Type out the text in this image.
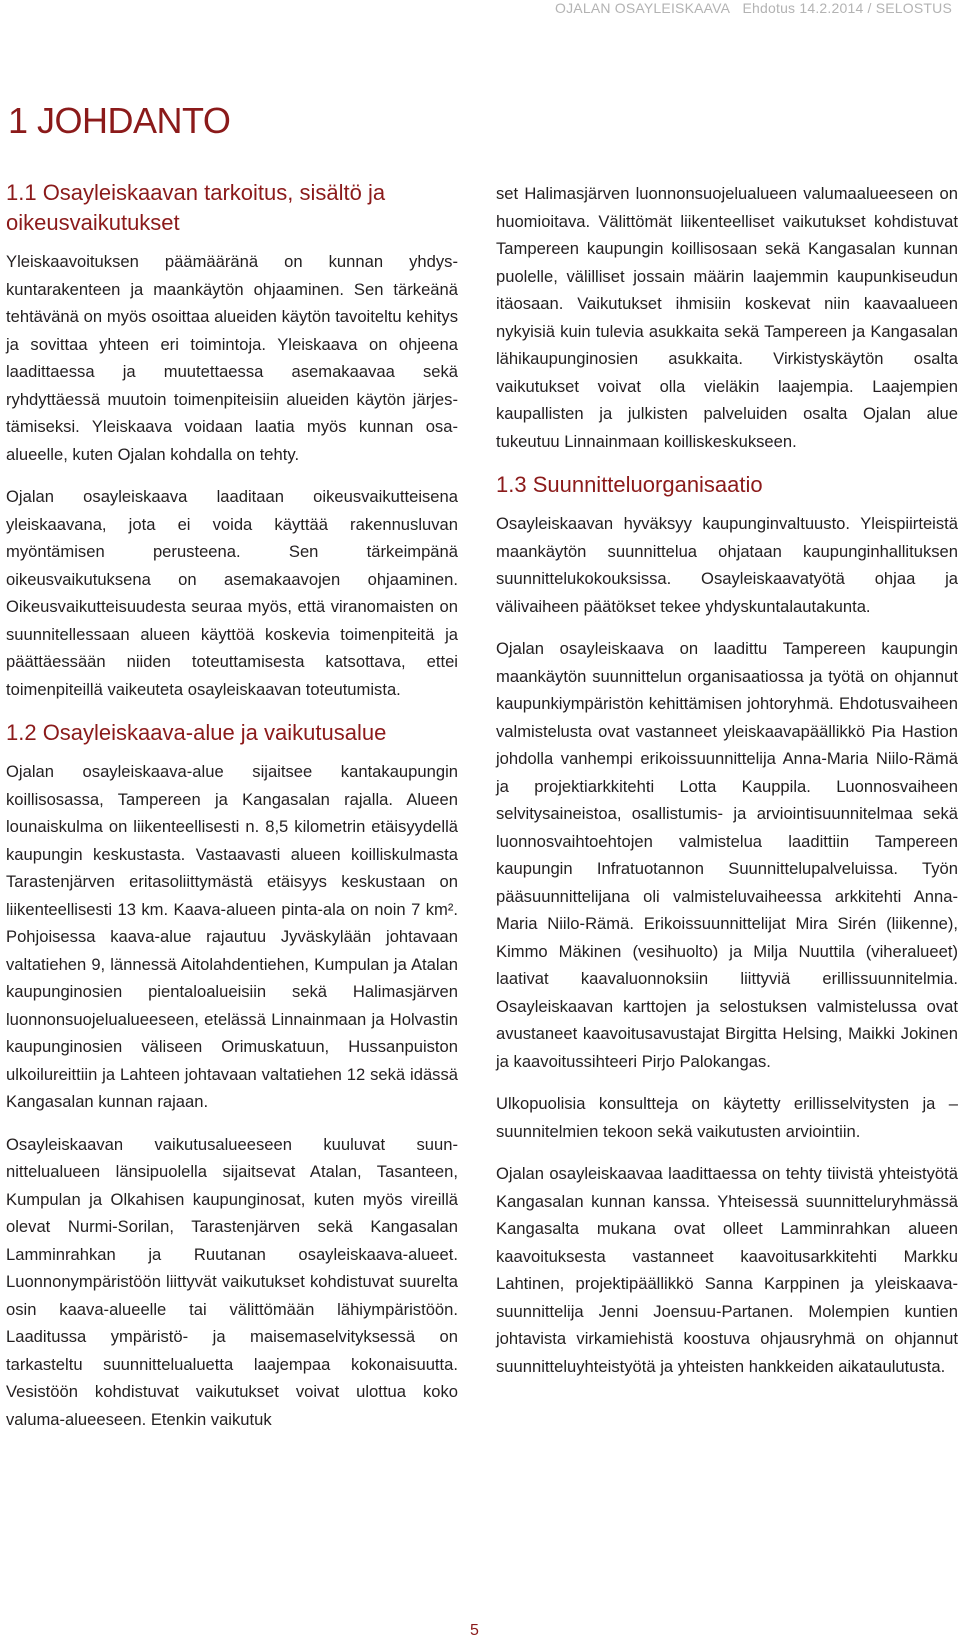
OJALAN OSAYLEISKAAVA Ehdotus 14.2.2014 / SELOSTUS
1 JOHDANTO
1.1 Osayleiskaavan tarkoitus, sisältö ja oikeusvaikutukset

Yleiskaavoituksen päämääränä on kunnan yhdyskuntarakenteen ja maankäytön ohjaaminen. Sen tärkeänä tehtävänä on myös osoittaa alueiden käytön tavoiteltu kehitys ja sovittaa yhteen eri toimintoja. Yleiskaava on ohjeena laadittaessa ja muutettaessa asemakaavaa sekä ryhdyttäessä muutoin toimenpiteisiin alueiden käytön järjestämiseksi. Yleiskaava voidaan laatia myös kunnan osa-alueelle, kuten Ojalan kohdalla on tehty.

Ojalan osayleiskaava laaditaan oikeusvaikutteisena yleiskaavana, jota ei voida käyttää rakennusluvan myöntämisen perusteena. Sen tärkeimpänä oikeusvaikutuksena on asemakaavojen ohjaaminen. Oikeusvaikutteisuudesta seuraa myös, että viranomaisten on suunnitellessaan alueen käyttöä koskevia toimenpiteitä ja päättäessään niiden toteuttamisesta katsottava, ettei toimenpiteillä vaikeuteta osayleiskaavan toteutumista.

1.2 Osayleiskaava-alue ja vaikutusalue

Ojalan osayleiskaava-alue sijaitsee kantakaupungin koillisosassa, Tampereen ja Kangasalan rajalla. Alueen lounaiskulma on liikenteellisesti n. 8,5 kilometrin etäisyydellä kaupungin keskustasta. Vastaavasti alueen koilliskulmasta Tarastenjärven eritasoliittymästä etäisyys keskustaan on liikenteellisesti 13 km. Kaava-alueen pinta-ala on noin 7 km². Pohjoisessa kaava-alue rajautuu Jyväskylään johtavaan valtatiehen 9, lännessä Aitolahdentiehen, Kumpulan ja Atalan kaupunginosien pientaloalueisiin sekä Halimasjärven luonnonsuojelualueeseen, etelässä Linnainmaan ja Holvastin kaupunginosien väliseen Orimuskatuun, Hussanpuiston ulkoilureittiin ja Lahteen johtavaan valtatiehen 12 sekä idässä Kangasalan kunnan rajaan.

Osayleiskaavan vaikutusalueeseen kuuluvat suunnittelualueen länsipuolella sijaitsevat Atalan, Tasanteen, Kumpulan ja Olkahisen kaupunginosat, kuten myös vireillä olevat Nurmi-Sorilan, Tarastenjärven sekä Kangasalan Lamminrahkan ja Ruutanan osayleiskaava-alueet. Luonnonympäristöön liittyvät vaikutukset kohdistuvat suurelta osin kaava-alueelle tai välittömään lähiympäristöön. Laaditussa ympäristö- ja maisemaselvityksessä on tarkasteltu suunnittelualuetta laajempaa kokonaisuutta. Vesistöön kohdistuvat vaikutukset voivat ulottua koko valuma-alueeseen. Etenkin vaikutuk

set Halimasjärven luonnonsuojelualueen valumaalueeseen on huomioitava. Välittömät liikenteelliset vaikutukset kohdistuvat Tampereen kaupungin koillisosaan sekä Kangasalan kunnan puolelle, välilliset jossain määrin laajemmin kaupunkiseudun itäosaan. Vaikutukset ihmisiin koskevat niin kaavaalueen nykyisiä kuin tulevia asukkaita sekä Tampereen ja Kangasalan lähikaupunginosien asukkaita. Virkistyskäytön osalta vaikutukset voivat olla vieläkin laajempia. Laajempien kaupallisten ja julkisten palveluiden osalta Ojalan alue tukeutuu Linnainmaan koilliskeskukseen.

1.3 Suunnitteluorganisaatio

Osayleiskaavan hyväksyy kaupunginvaltuusto. Yleispiirteistä maankäytön suunnittelua ohjataan kaupunginhallituksen suunnittelukokouksissa. Osayleiskaavatyötä ohjaa ja välivaiheen päätökset tekee yhdyskuntalautakunta.

Ojalan osayleiskaava on laadittu Tampereen kaupungin maankäytön suunnittelun organisaatiossa ja työtä on ohjannut kaupunkiympäristön kehittämisen johtoryhmä. Ehdotusvaiheen valmistelusta ovat vastanneet yleiskaavapäällikkö Pia Hastion johdolla vanhempi erikoissuunnittelija Anna-Maria Niilo-Rämä ja projektiarkkitehti Lotta Kauppila. Luonnosvaiheen selvitysaineistoa, osallistumis- ja arviointisuunnitelmaa sekä luonnosvaihtoehtojen valmistelua laadittiin Tampereen kaupungin Infratuotannon Suunnittelupalveluissa. Työn pääsuunnittelijana oli valmisteluvaiheessa arkkitehti AnnaMaria Niilo-Rämä. Erikoissuunnittelijat Mira Sirén (liikenne), Kimmo Mäkinen (vesihuolto) ja Milja Nuuttila (viheralueet) laativat kaavaluonnoksiin liittyviä erillissuunnitelmia. Osayleiskaavan karttojen ja selostuksen valmistelussa ovat avustaneet kaavoitusavustajat Birgitta Helsing, Maikki Jokinen ja kaavoitussihteeri Pirjo Palokangas.

Ulkopuolisia konsultteja on käytetty erillisselvitysten ja –suunnitelmien tekoon sekä vaikutusten arviointiin.

Ojalan osayleiskaavaa laadittaessa on tehty tiivistä yhteistyötä Kangasalan kunnan kanssa. Yhteisessä suunnitteluryhmässä Kangasalta mukana ovat olleet Lamminrahkan alueen kaavoituksesta vastanneet kaavoitusarkkitehti Markku Lahtinen, projektipäällikkö Sanna Karppinen ja yleiskaavasuunnittelija Jenni Joensuu-Partanen. Molempien kuntien johtavista virkamiehistä koostuva ohjausryhmä on ohjannut suunnitteluyhteistyötä ja yhteisten hankkeiden aikataulutusta.

5
